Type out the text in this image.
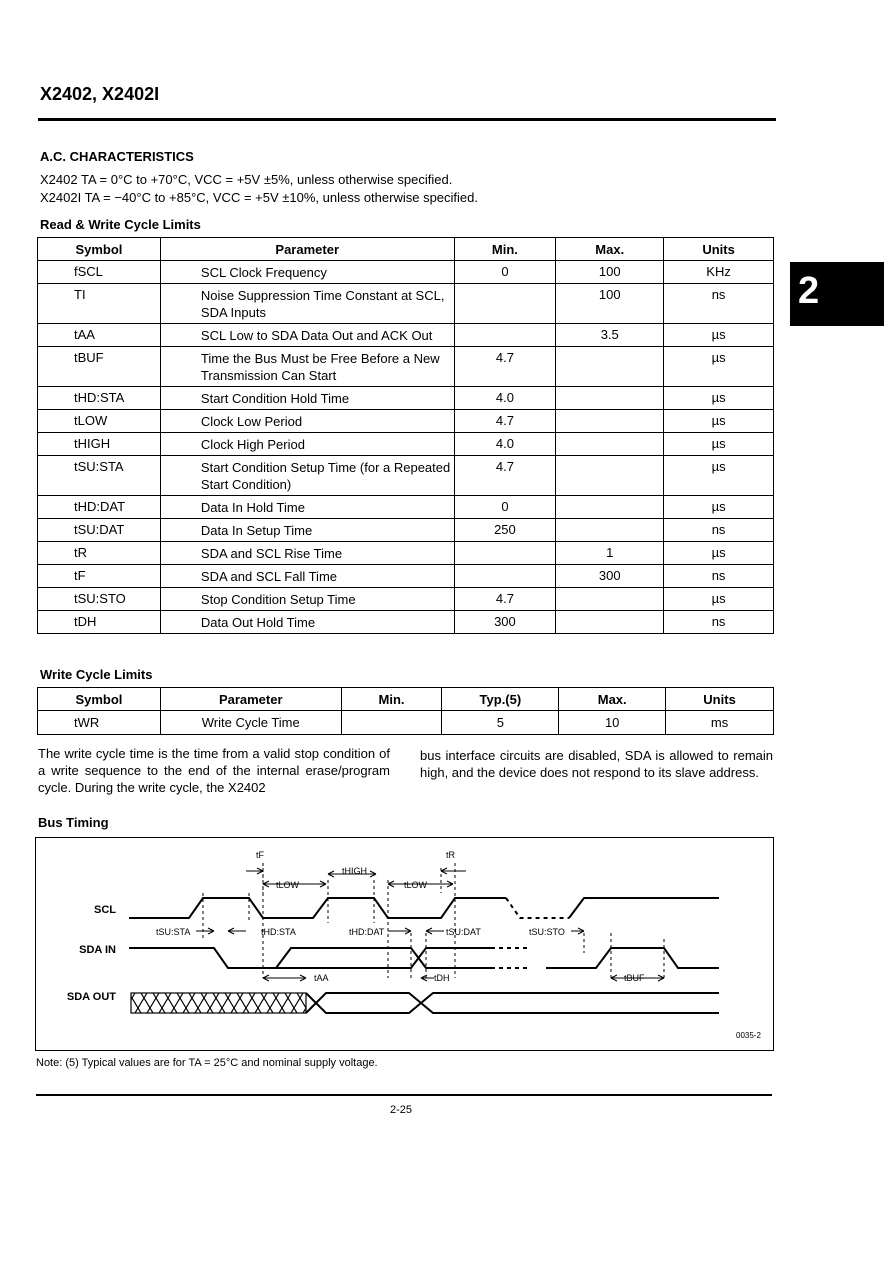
X2402, X2402I
2
A.C. CHARACTERISTICS
X2402 TA = 0°C to +70°C, VCC = +5V ±5%, unless otherwise specified.
X2402I TA = −40°C to +85°C, VCC = +5V ±10%, unless otherwise specified.
Read & Write Cycle Limits
Symbol	Parameter	Min.	Max.	Units
fSCL	SCL Clock Frequency	0	100	KHz
TI	Noise Suppression Time Constant at SCL, SDA Inputs		100	ns
tAA	SCL Low to SDA Data Out and ACK Out		3.5	µs
tBUF	Time the Bus Must be Free Before a New Transmission Can Start	4.7		µs
tHD:STA	Start Condition Hold Time	4.0		µs
tLOW	Clock Low Period	4.7		µs
tHIGH	Clock High Period	4.0		µs
tSU:STA	Start Condition Setup Time (for a Repeated Start Condition)	4.7		µs
tHD:DAT	Data In Hold Time	0		µs
tSU:DAT	Data In Setup Time	250		ns
tR	SDA and SCL Rise Time		1	µs
tF	SDA and SCL Fall Time		300	ns
tSU:STO	Stop Condition Setup Time	4.7		µs
tDH	Data Out Hold Time	300		ns
Write Cycle Limits
Symbol	Parameter	Min.	Typ.(5)	Max.	Units
tWR	Write Cycle Time		5	10	ms
The write cycle time is the time from a valid stop condition of a write sequence to the end of the internal erase/program cycle. During the write cycle, the X2402
bus interface circuits are disabled, SDA is allowed to remain high, and the device does not respond to its slave address.
Bus Timing
SCL
SDA IN
SDA OUT
tF
tLOW
tHIGH
tLOW
tR
tSU:STA	tHD:STA	tHD:DAT	tSU:DAT	tSU:STO
tAA	tDH	tBUF
0035-2
Note: (5) Typical values are for TA = 25°C and nominal supply voltage.
2-25
